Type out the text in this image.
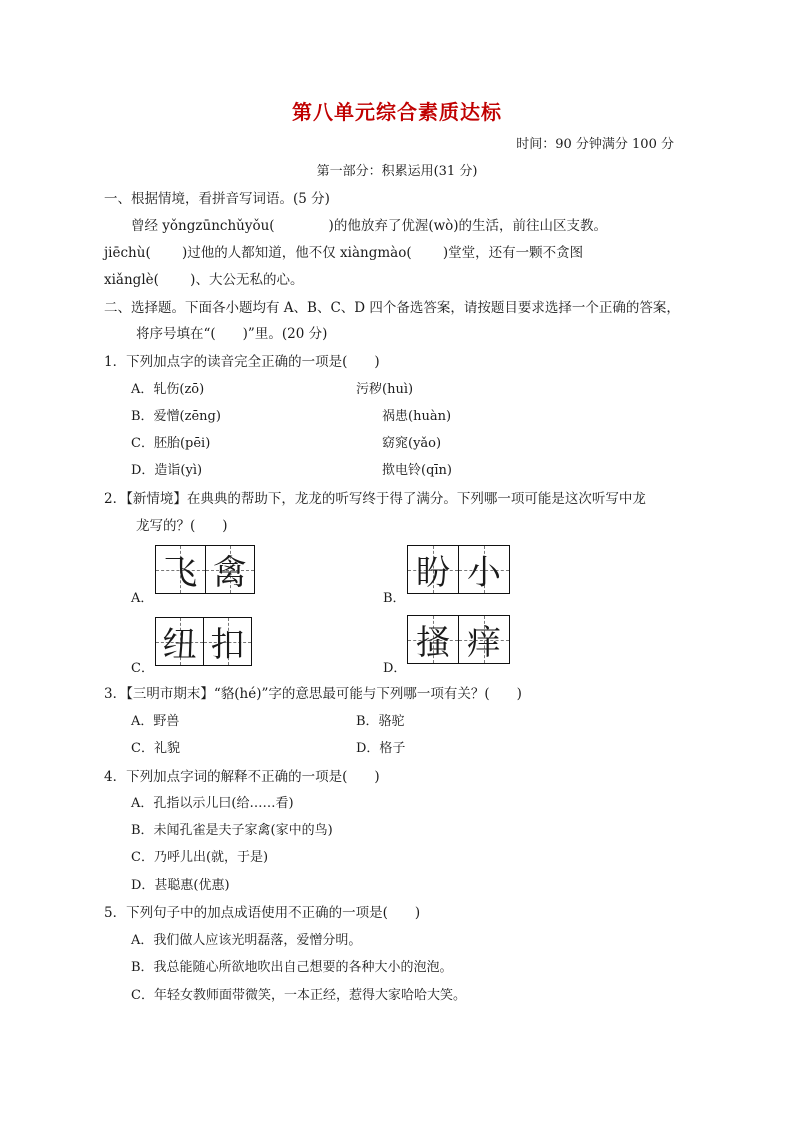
第八单元综合素质达标
时间：90 分钟满分 100 分
第一部分：积累运用(31 分)
一、根据情境，看拼音写词语。(5 分)
曾经 yǒngzūnchǔyǒu(　　　　)的他放弃了优渥(wò)的生活，前往山区支教。
jiēchù(　　 )过他的人都知道，他不仅 xiàngmào(　　 )堂堂，还有一颗不贪图
xiǎnglè(　　 )、大公无私的心。
二、选择题。下面各小题均有 A、B、C、D 四个备选答案，请按题目要求选择一个正确的答案，
将序号填在“(　　)”里。(20 分)
1．下列加点字的读音完全正确的一项是(　　)
A．轧伤(zō)	污秽(huì)
B．爱憎(zēng)	祸患(huàn)
C．胚胎(pēi)	窈窕(yǎo)
D．造诣(yì)	揿电铃(qīn)
2．【新情境】在典典的帮助下，龙龙的听写终于得了满分。下列哪一项可能是这次听写中龙
龙写的？(　　)
A．
飞 禽
B．
盼 小
C．
纽 扣
D．
搔 痒
3．【三明市期末】“貉(hé)”字的意思最可能与下列哪一项有关？(　　)
A．野兽	B．骆驼
C．礼貌	D．格子
4．下列加点字词的解释不正确的一项是(　　)
A．孔指以示儿曰(给……看)
B．未闻孔雀是夫子家禽(家中的鸟)
C．乃呼儿出(就，于是)
D．甚聪惠(优惠)
5．下列句子中的加点成语使用不正确的一项是(　　)
A．我们做人应该光明磊落，爱憎分明。
B．我总能随心所欲地吹出自己想要的各种大小的泡泡。
C．年轻女教师面带微笑，一本正经，惹得大家哈哈大笑。
